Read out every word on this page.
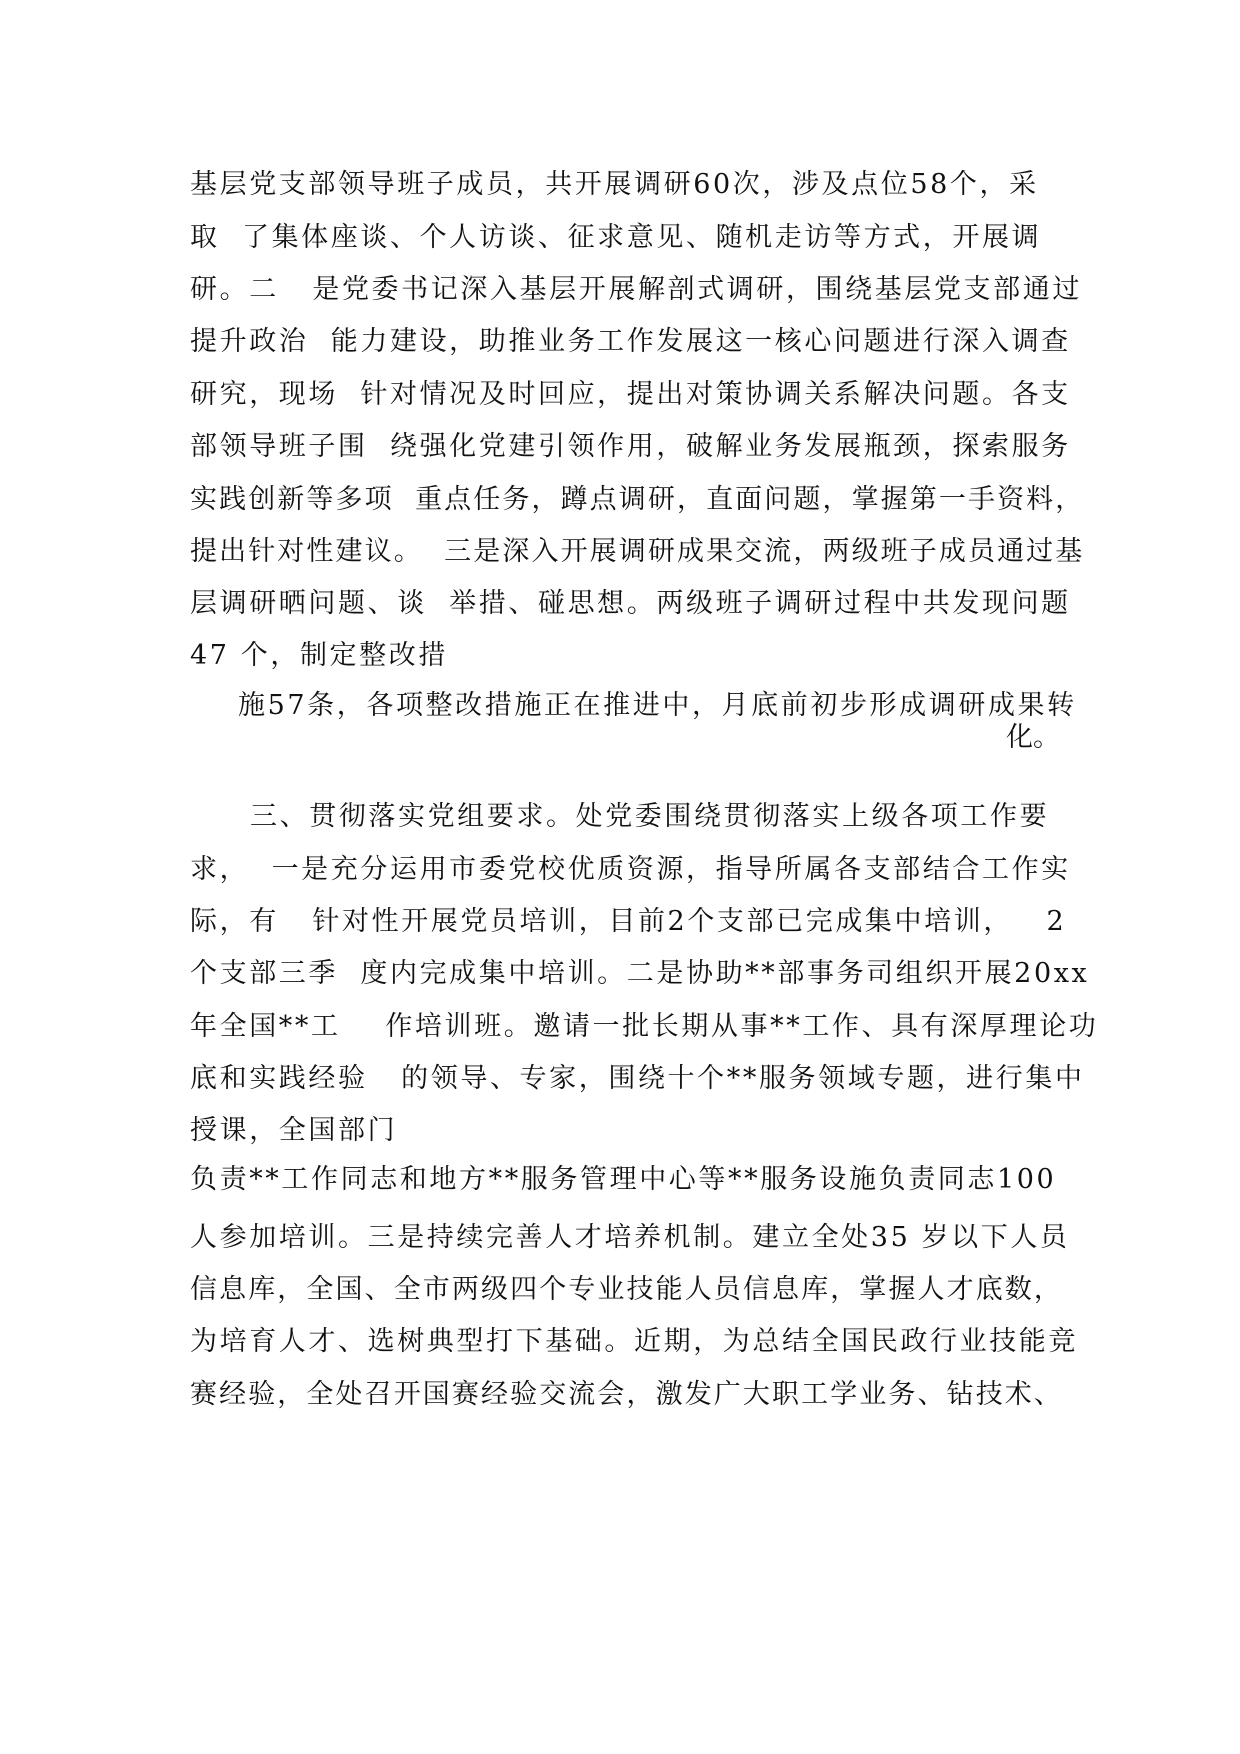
基层党支部领导班子成员，共开展调研60次，涉及点位58个，采
取  了集体座谈、个人访谈、征求意见、随机走访等方式，开展调
研。二   是党委书记深入基层开展解剖式调研，围绕基层党支部通过
提升政治  能力建设，助推业务工作发展这一核心问题进行深入调查
研究，现场  针对情况及时回应，提出对策协调关系解决问题。各支
部领导班子围  绕强化党建引领作用，破解业务发展瓶颈，探索服务
实践创新等多项  重点任务，蹲点调研，直面问题，掌握第一手资料，
提出针对性建议。  三是深入开展调研成果交流，两级班子成员通过基
层调研晒问题、谈  举措、碰思想。两级班子调研过程中共发现问题
47 个，制定整改措
施57条，各项整改措施正在推进中，月底前初步形成调研成果转
化。
三、贯彻落实党组要求。处党委围绕贯彻落实上级各项工作要
求，  一是充分运用市委党校优质资源，指导所属各支部结合工作实
际，有   针对性开展党员培训，目前2个支部已完成集中培训，   2
个支部三季  度内完成集中培训。二是协助**部事务司组织开展20xx
年全国**工    作培训班。邀请一批长期从事**工作、具有深厚理论功
底和实践经验   的领导、专家，围绕十个**服务领域专题，进行集中
授课，全国部门
负责**工作同志和地方**服务管理中心等**服务设施负责同志100
人参加培训。三是持续完善人才培养机制。建立全处35 岁以下人员
信息库，全国、全市两级四个专业技能人员信息库，掌握人才底数，
为培育人才、选树典型打下基础。近期，为总结全国民政行业技能竞
赛经验，全处召开国赛经验交流会，激发广大职工学业务、钻技术、
